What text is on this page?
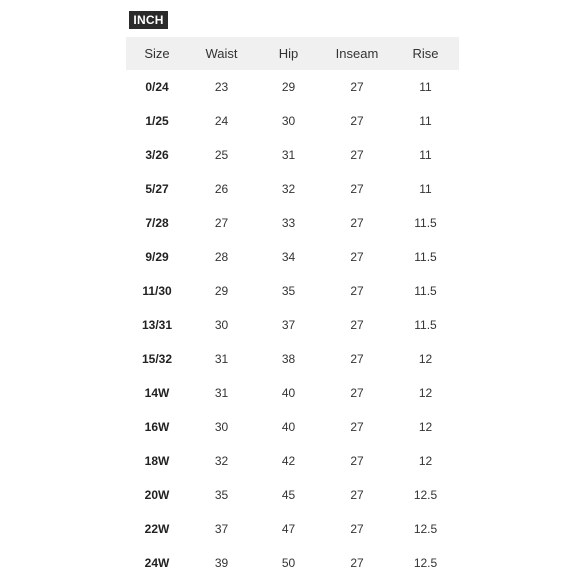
INCH
Size	Waist	Hip	Inseam	Rise
0/24	23	29	27	11
1/25	24	30	27	11
3/26	25	31	27	11
5/27	26	32	27	11
7/28	27	33	27	11.5
9/29	28	34	27	11.5
11/30	29	35	27	11.5
13/31	30	37	27	11.5
15/32	31	38	27	12
14W	31	40	27	12
16W	30	40	27	12
18W	32	42	27	12
20W	35	45	27	12.5
22W	37	47	27	12.5
24W	39	50	27	12.5
